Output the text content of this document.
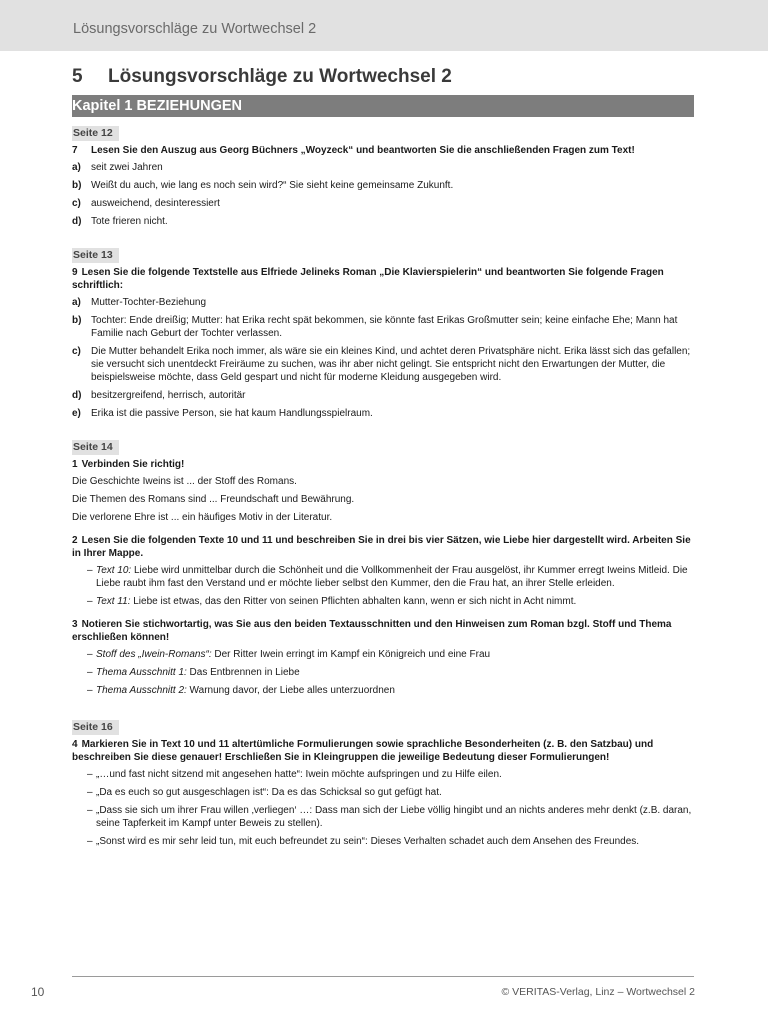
Lösungsvorschläge zu Wortwechsel 2
5 Lösungsvorschläge zu Wortwechsel 2
Kapitel 1 BEZIEHUNGEN
Seite 12
7 Lesen Sie den Auszug aus Georg Büchners „Woyzeck“ und beantworten Sie die anschließenden Fragen zum Text!
a)	seit zwei Jahren
b) Weißt du auch, wie lang es noch sein wird?“ Sie sieht keine gemeinsame Zukunft.
c)	ausweichend, desinteressiert
d) Tote frieren nicht.
Seite 13
9 Lesen Sie die folgende Textstelle aus Elfriede Jelineks Roman „Die Klavierspielerin“ und beantworten Sie folgende Fragen schriftlich:
a)	Mutter-Tochter-Beziehung
b) Tochter: Ende dreißig; Mutter: hat Erika recht spät bekommen, sie könnte fast Erikas Großmutter sein; keine einfache Ehe; Mann hat Familie nach Geburt der Tochter verlassen.
c)	Die Mutter behandelt Erika noch immer, als wäre sie ein kleines Kind, und achtet deren Privatsphäre nicht. Erika lässt sich das gefallen; sie versucht sich unentdeckt Freiräume zu suchen, was ihr aber nicht gelingt. Sie entspricht nicht den Erwartungen der Mutter, die beispielsweise möchte, dass Geld gespart und nicht für moderne Kleidung ausgegeben wird.
d) besitzergreifend, herrisch, autoritär
e)	Erika ist die passive Person, sie hat kaum Handlungsspielraum.
Seite 14
1 Verbinden Sie richtig!
Die Geschichte Iweins ist ... der Stoff des Romans.
Die Themen des Romans sind ... Freundschaft und Bewährung.
Die verlorene Ehre ist ... ein häufiges Motiv in der Literatur.
2 Lesen Sie die folgenden Texte 10 und 11 und beschreiben Sie in drei bis vier Sätzen, wie Liebe hier dargestellt wird. Arbeiten Sie in Ihrer Mappe.
– Text 10: Liebe wird unmittelbar durch die Schönheit und die Vollkommenheit der Frau ausgelöst, ihr Kummer erregt Iweins Mitleid. Die Liebe raubt ihm fast den Verstand und er möchte lieber selbst den Kummer, den die Frau hat, an ihrer Stelle erleiden.
– Text 11: Liebe ist etwas, das den Ritter von seinen Pflichten abhalten kann, wenn er sich nicht in Acht nimmt.
3 Notieren Sie stichwortartig, was Sie aus den beiden Textausschnitten und den Hinweisen zum Roman bzgl. Stoff und Thema erschließen können!
– Stoff des „Iwein-Romans“: Der Ritter Iwein erringt im Kampf ein Königreich und eine Frau
– Thema Ausschnitt 1: Das Entbrennen in Liebe
– Thema Ausschnitt 2: Warnung davor, der Liebe alles unterzuordnen
Seite 16
4 Markieren Sie in Text 10 und 11 altertümliche Formulierungen sowie sprachliche Besonderheiten (z. B. den Satzbau) und beschreiben Sie diese genauer! Erschließen Sie in Kleingruppen die jeweilige Bedeutung dieser Formulierungen!
– „…und fast nicht sitzend mit angesehen hatte“: Iwein möchte aufspringen und zu Hilfe eilen.
– „Da es euch so gut ausgeschlagen ist“: Da es das Schicksal so gut gefügt hat.
– „Dass sie sich um ihrer Frau willen ‚verliegen‘ …: Dass man sich der Liebe völlig hingibt und an nichts anderes mehr denkt (z.B. daran, seine Tapferkeit im Kampf unter Beweis zu stellen).
– „Sonst wird es mir sehr leid tun, mit euch befreundet zu sein“: Dieses Verhalten schadet auch dem Ansehen des Freundes.
10	© VERITAS-Verlag, Linz – Wortwechsel 2
